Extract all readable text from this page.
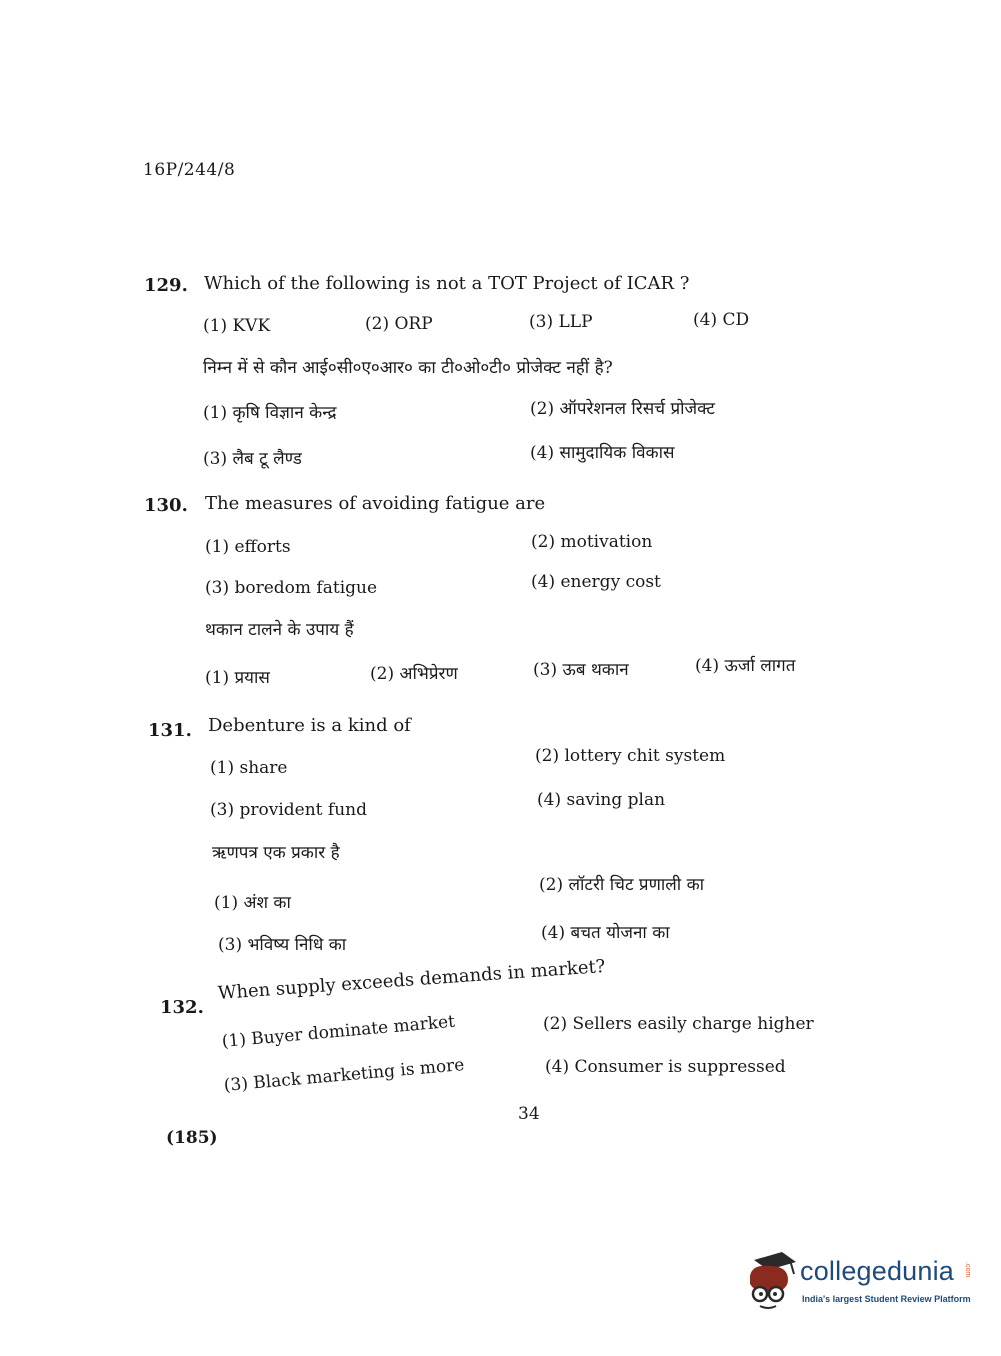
16P/244/8
129. Which of the following is not a TOT Project of ICAR ?
(1) KVK	(2) ORP	(3) LLP	(4) CD
निम्न में से कौन आई०सी०ए०आर० का टी०ओ०टी० प्रोजेक्ट नहीं है?
(1) कृषि विज्ञान केन्द्र	(2) ऑपरेशनल रिसर्च प्रोजेक्ट
(3) लैब टू लैण्ड	(4) सामुदायिक विकास
130. The measures of avoiding fatigue are
(1) efforts	(2) motivation
(3) boredom fatigue	(4) energy cost
थकान टालने के उपाय हैं
(1) प्रयास	(2) अभिप्रेरण	(3) ऊब थकान	(4) ऊर्जा लागत
131. Debenture is a kind of
(1) share
(2) lottery chit system
(3) provident fund	(4) saving plan
ऋणपत्र एक प्रकार है
(1) अंश का
(2) लॉटरी चिट प्रणाली का
(3) भविष्य निधि का
(4) बचत योजना का
132.
When supply exceeds demands in market?
(1) Buyer dominate market	(2) Sellers easily charge higher
(3) Black marketing is more	(4) Consumer is suppressed
34
(185)
collegedunia .com
India's largest Student Review Platform
